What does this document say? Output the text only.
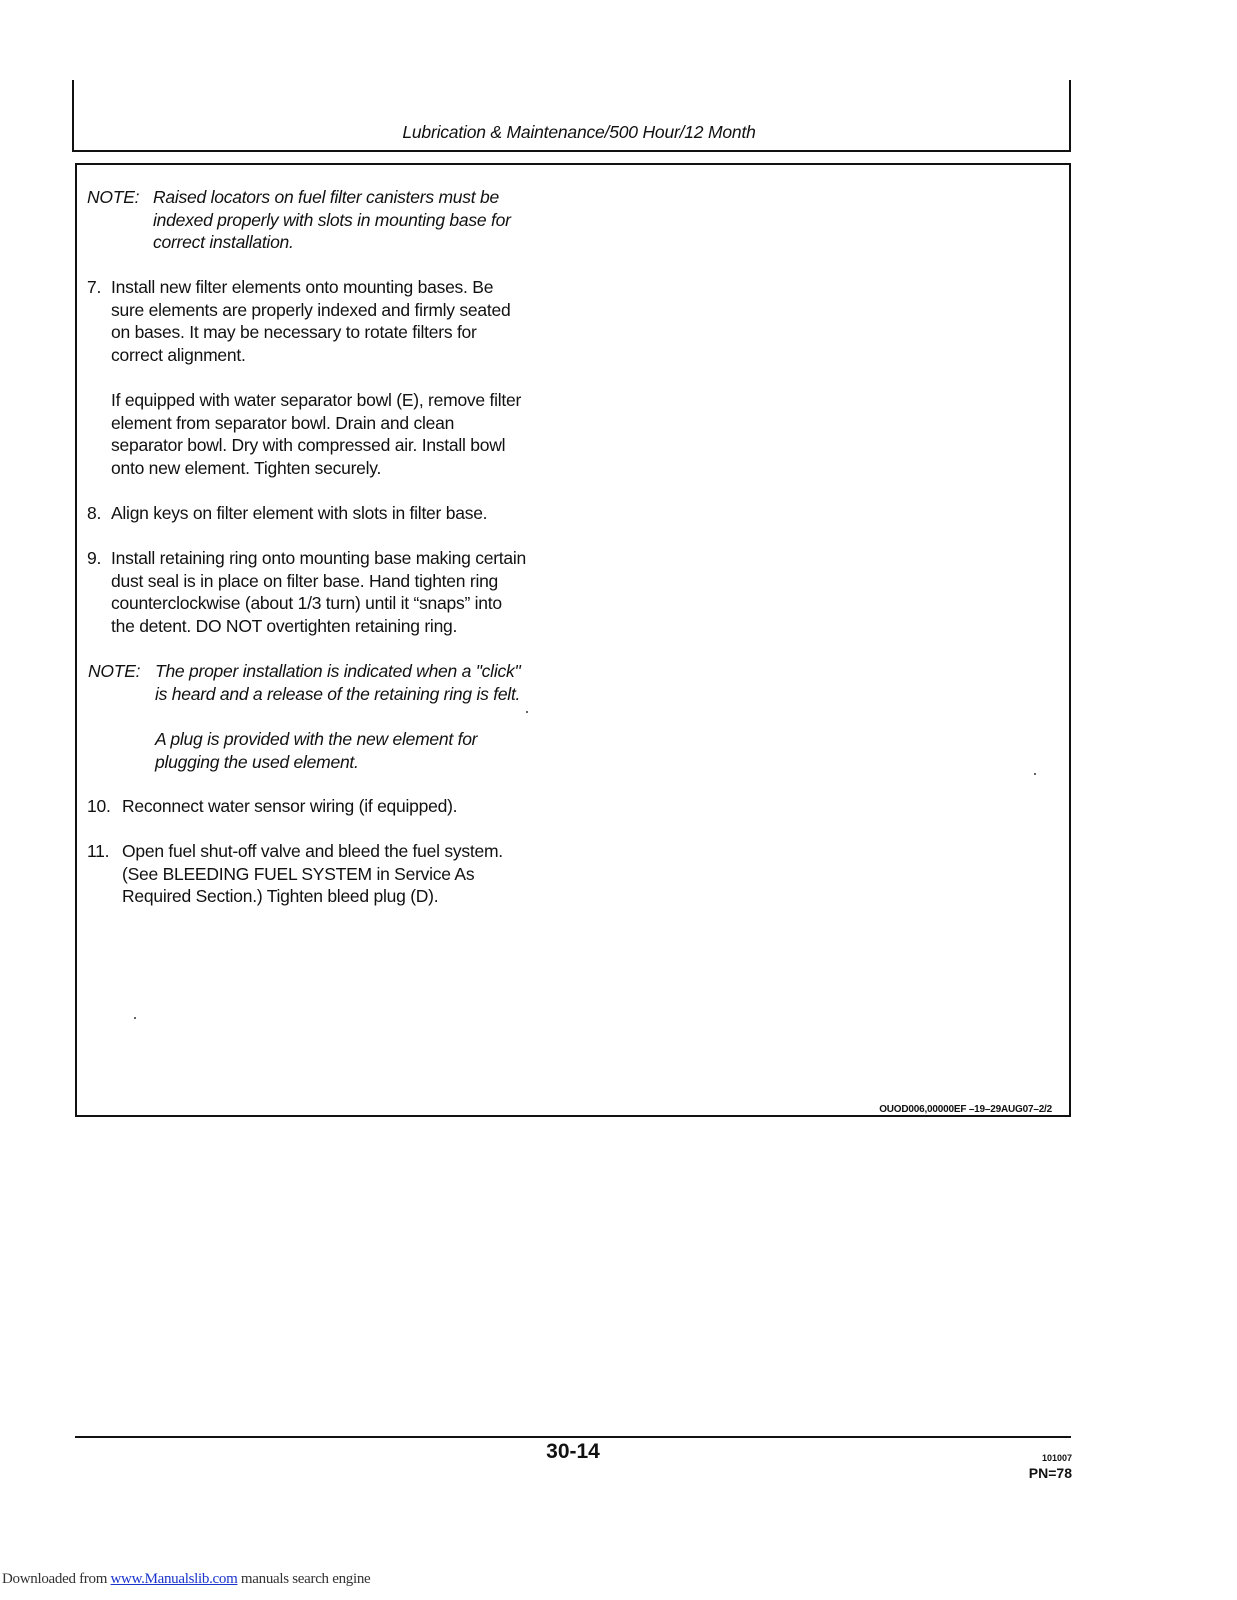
Lubrication & Maintenance/500 Hour/12 Month
NOTE: Raised locators on fuel filter canisters must be
indexed properly with slots in mounting base for
correct installation.
7. Install new filter elements onto mounting bases. Be
sure elements are properly indexed and firmly seated
on bases. It may be necessary to rotate filters for
correct alignment.
If equipped with water separator bowl (E), remove filter
element from separator bowl. Drain and clean
separator bowl. Dry with compressed air. Install bowl
onto new element. Tighten securely.
8. Align keys on filter element with slots in filter base.
9. Install retaining ring onto mounting base making certain
dust seal is in place on filter base. Hand tighten ring
counterclockwise (about 1/3 turn) until it “snaps” into
the detent. DO NOT overtighten retaining ring.
NOTE: The proper installation is indicated when a "click"
is heard and a release of the retaining ring is felt.
A plug is provided with the new element for
plugging the used element.
10. Reconnect water sensor wiring (if equipped).
11. Open fuel shut-off valve and bleed the fuel system.
(See BLEEDING FUEL SYSTEM in Service As
Required Section.) Tighten bleed plug (D).
OUOD006,00000EF –19–29AUG07–2/2
30-14	101007
PN=78
Downloaded from www.Manualslib.com manuals search engine
